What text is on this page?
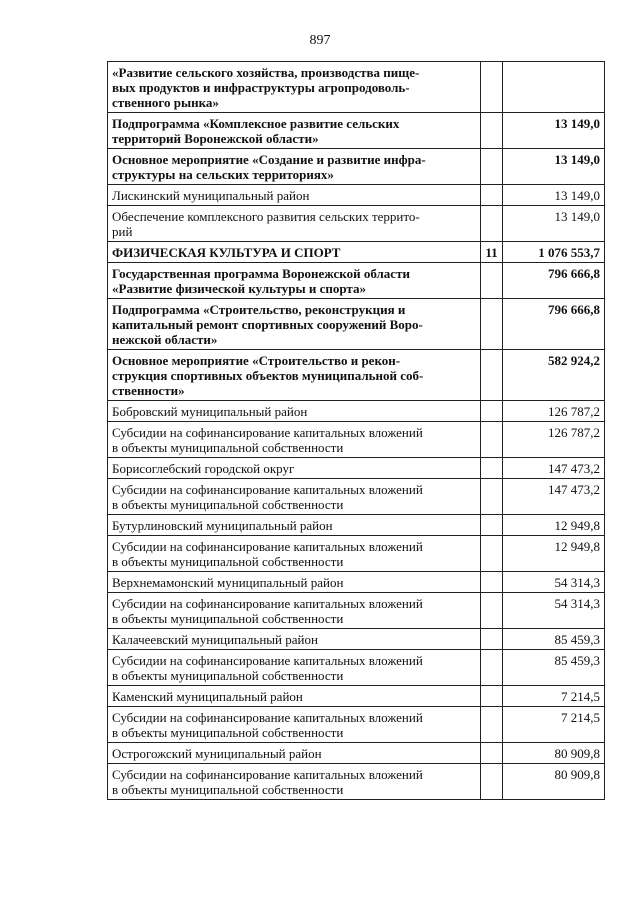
897
«Развитие сельского хозяйства, производства пище-
вых продуктов и инфраструктуры агропродоволь-
ственного рынка»		
Подпрограмма «Комплексное развитие сельских
территорий Воронежской области»		13 149,0
Основное мероприятие «Создание и развитие инфра-
структуры на сельских территориях»		13 149,0
Лискинский муниципальный район		13 149,0
Обеспечение комплексного развития сельских террито-
рий		13 149,0
ФИЗИЧЕСКАЯ КУЛЬТУРА И СПОРТ	11	1 076 553,7
Государственная программа Воронежской области
«Развитие физической культуры и спорта»		796 666,8
Подпрограмма «Строительство, реконструкция и
капитальный ремонт спортивных сооружений Воро-
нежской области»		796 666,8
Основное мероприятие «Строительство и рекон-
струкция спортивных объектов муниципальной соб-
ственности»		582 924,2
Бобровский муниципальный район		126 787,2
Субсидии на софинансирование капитальных вложений
в объекты муниципальной собственности		126 787,2
Борисоглебский городской округ		147 473,2
Субсидии на софинансирование капитальных вложений
в объекты муниципальной собственности		147 473,2
Бутурлиновский муниципальный район		12 949,8
Субсидии на софинансирование капитальных вложений
в объекты муниципальной собственности		12 949,8
Верхнемамонский муниципальный район		54 314,3
Субсидии на софинансирование капитальных вложений
в объекты муниципальной собственности		54 314,3
Калачеевский муниципальный район		85 459,3
Субсидии на софинансирование капитальных вложений
в объекты муниципальной собственности		85 459,3
Каменский муниципальный район		7 214,5
Субсидии на софинансирование капитальных вложений
в объекты муниципальной собственности		7 214,5
Острогожский муниципальный район		80 909,8
Субсидии на софинансирование капитальных вложений
в объекты муниципальной собственности		80 909,8
